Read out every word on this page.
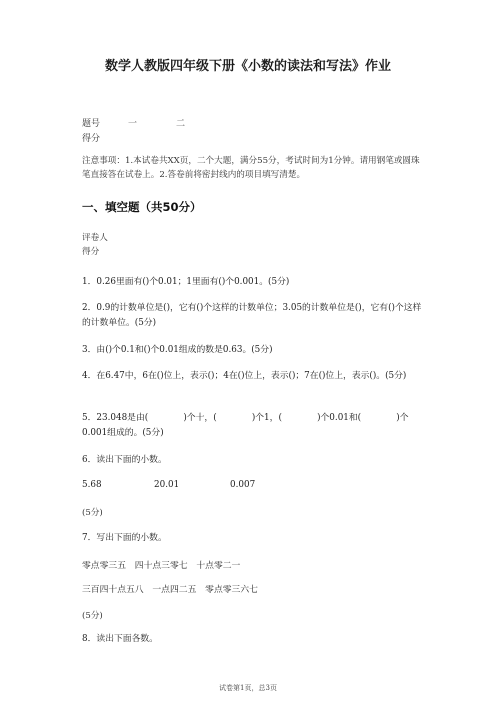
数学人教版四年级下册《小数的读法和写法》作业
题号	一	二
得分
注意事项：1.本试卷共XX页，二个大题，满分55分，考试时间为1分钟。请用钢笔或圆珠笔直接答在试卷上。2.答卷前将密封线内的项目填写清楚。
一、填空题（共50分）
评卷人
得分
1．0.26里面有()个0.01；1里面有()个0.001。(5分)
2．0.9的计数单位是()，它有()个这样的计数单位；3.05的计数单位是()，它有()个这样的计数单位。(5分)
3．由()个0.1和()个0.01组成的数是0.63。(5分)
4．在6.47中，6在()位上，表示()；4在()位上，表示()；7在()位上，表示()。(5分)
5．23.048是由(　　　　)个十，(　　　　)个1，(　　　　)个0.01和(　　　　)个0.001组成的。(5分)
6．读出下面的小数。
5.68	20.01	0.007
(5分)
7．写出下面的小数。
零点零三五　四十点三零七　十点零二一
三百四十点五八　一点四二五　零点零三六七
(5分)
8．读出下面各数。
试卷第1页，总3页
